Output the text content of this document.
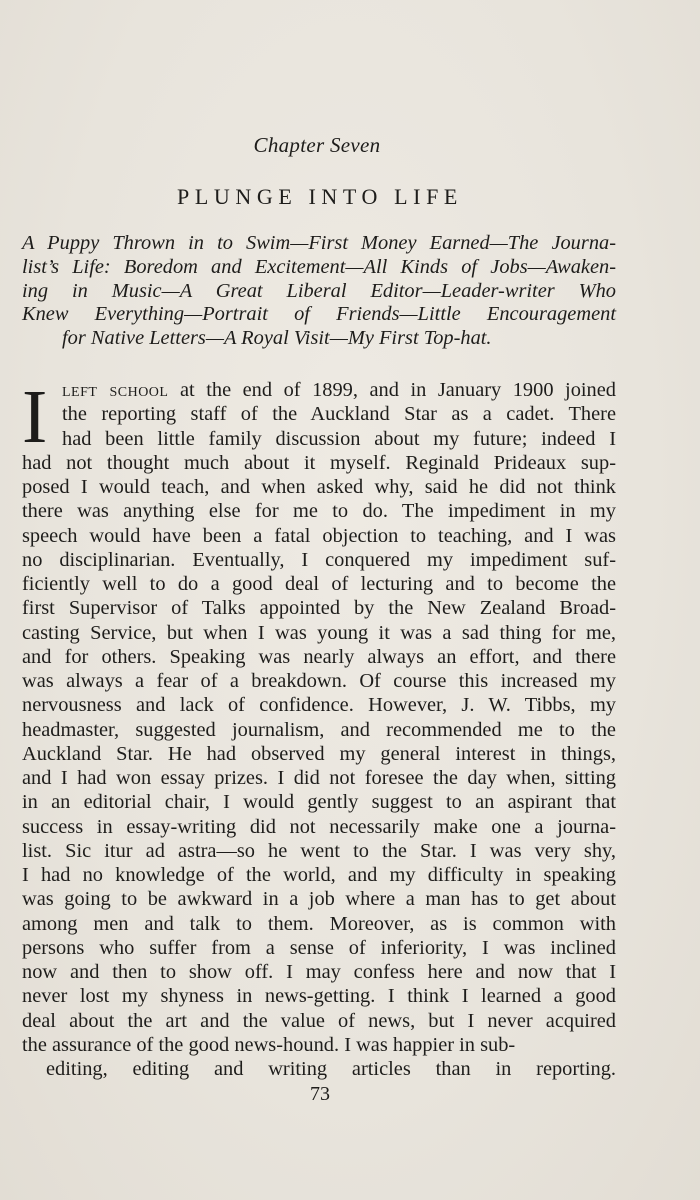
Chapter Seven
PLUNGE INTO LIFE
A Puppy Thrown in to Swim—First Money Earned—The Journa-
list’s Life: Boredom and Excitement—All Kinds of Jobs—Awaken-
ing in Music—A Great Liberal Editor—Leader-writer Who
Knew Everything—Portrait of Friends—Little Encouragement
for Native Letters—A Royal Visit—My First Top-hat.
I left school at the end of 1899, and in January 1900 joined
the reporting staff of the Auckland Star as a cadet. There
had been little family discussion about my future; indeed I
had not thought much about it myself. Reginald Prideaux sup-
posed I would teach, and when asked why, said he did not think
there was anything else for me to do. The impediment in my
speech would have been a fatal objection to teaching, and I was
no disciplinarian. Eventually, I conquered my impediment suf-
ficiently well to do a good deal of lecturing and to become the
first Supervisor of Talks appointed by the New Zealand Broad-
casting Service, but when I was young it was a sad thing for me,
and for others. Speaking was nearly always an effort, and there
was always a fear of a breakdown. Of course this increased my
nervousness and lack of confidence. However, J. W. Tibbs, my
headmaster, suggested journalism, and recommended me to the
Auckland Star. He had observed my general interest in things,
and I had won essay prizes. I did not foresee the day when, sitting
in an editorial chair, I would gently suggest to an aspirant that
success in essay-writing did not necessarily make one a journa-
list. Sic itur ad astra—so he went to the Star. I was very shy,
I had no knowledge of the world, and my difficulty in speaking
was going to be awkward in a job where a man has to get about
among men and talk to them. Moreover, as is common with
persons who suffer from a sense of inferiority, I was inclined
now and then to show off. I may confess here and now that I
never lost my shyness in news-getting. I think I learned a good
deal about the art and the value of news, but I never acquired
the assurance of the good news-hound. I was happier in sub-
editing, editing and writing articles than in reporting.
73
